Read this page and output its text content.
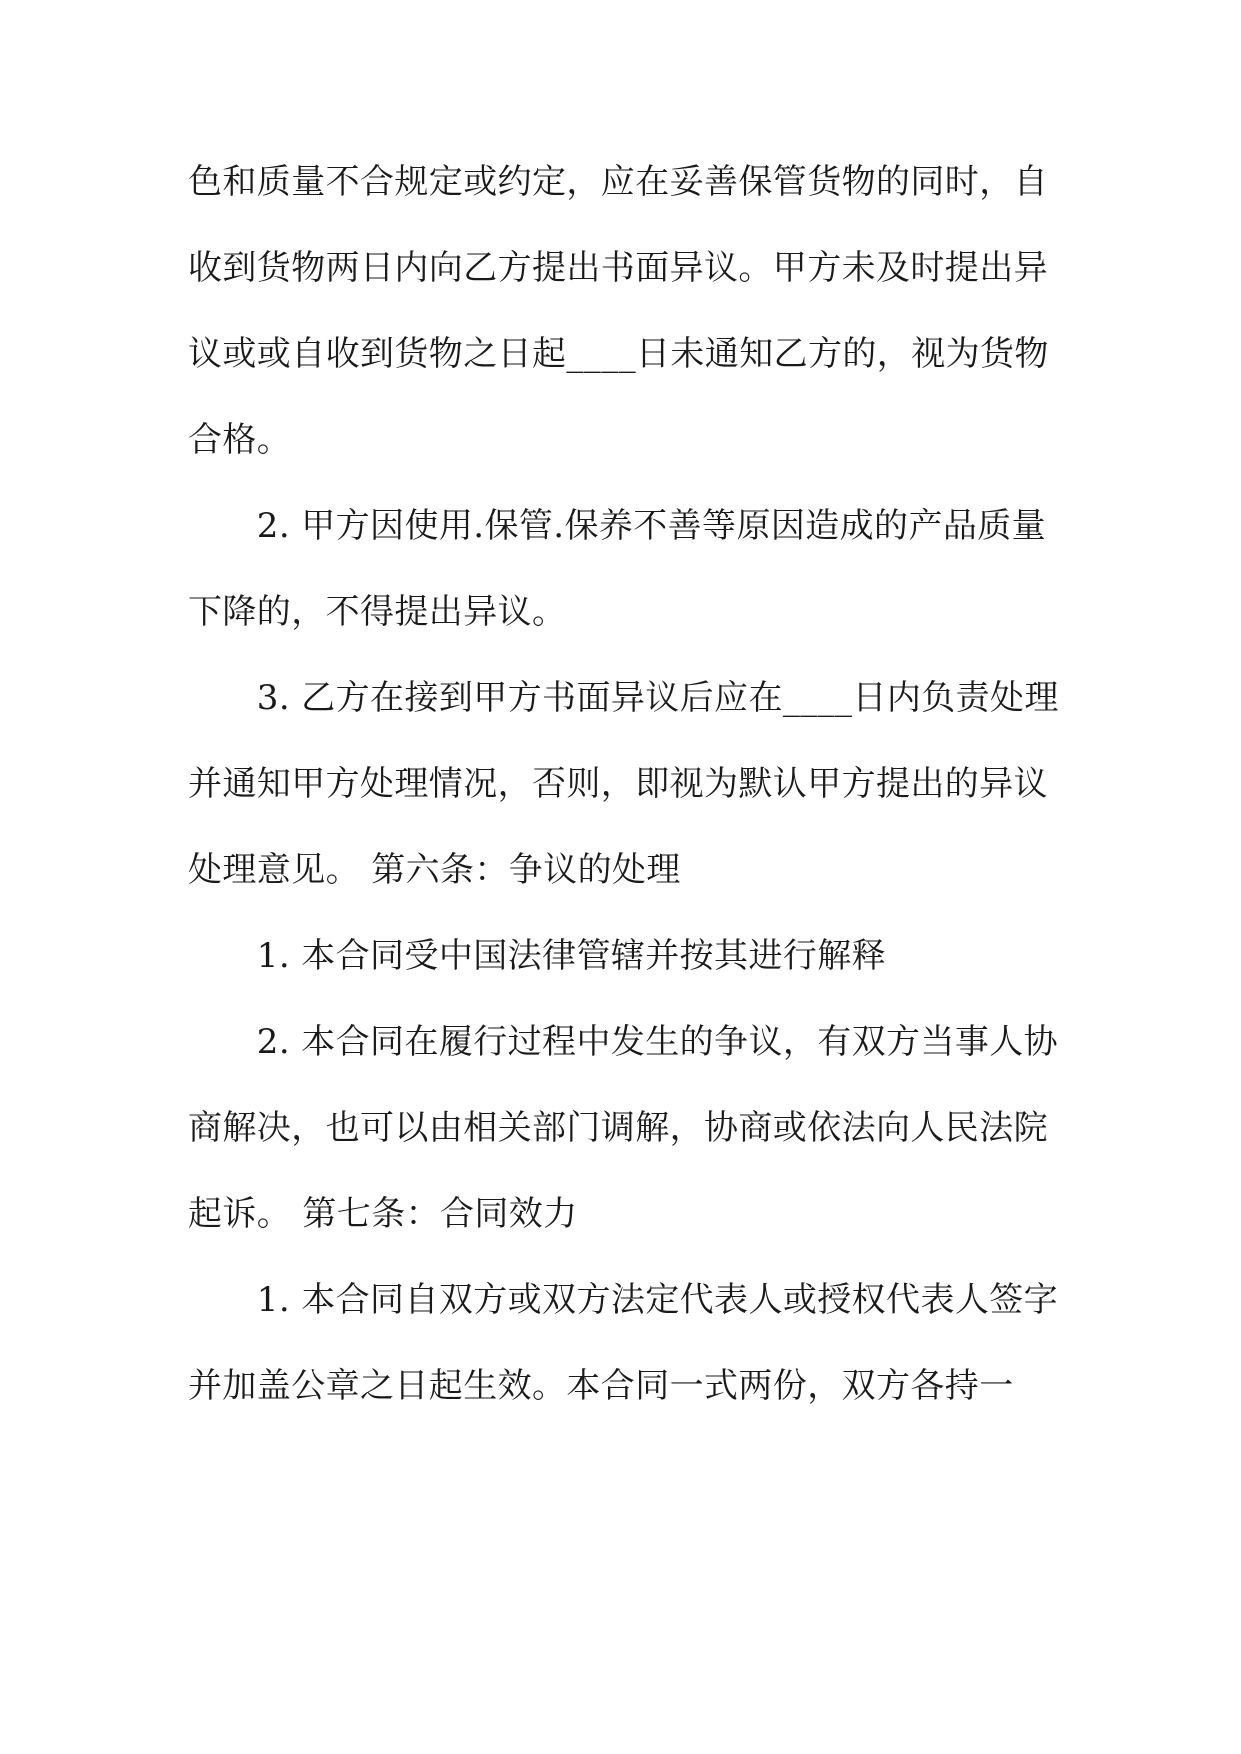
色和质量不合规定或约定，应在妥善保管货物的同时，自

收到货物两日内向乙方提出书面异议。甲方未及时提出异

议或或自收到货物之日起____日未通知乙方的，视为货物

合格。

　　2. 甲方因使用.保管.保养不善等原因造成的产品质量

下降的，不得提出异议。

　　3. 乙方在接到甲方书面异议后应在____日内负责处理

并通知甲方处理情况，否则，即视为默认甲方提出的异议

处理意见。 第六条：争议的处理

　　1. 本合同受中国法律管辖并按其进行解释

　　2. 本合同在履行过程中发生的争议，有双方当事人协

商解决，也可以由相关部门调解，协商或依法向人民法院

起诉。 第七条：合同效力

　　1. 本合同自双方或双方法定代表人或授权代表人签字

并加盖公章之日起生效。本合同一式两份，双方各持一
